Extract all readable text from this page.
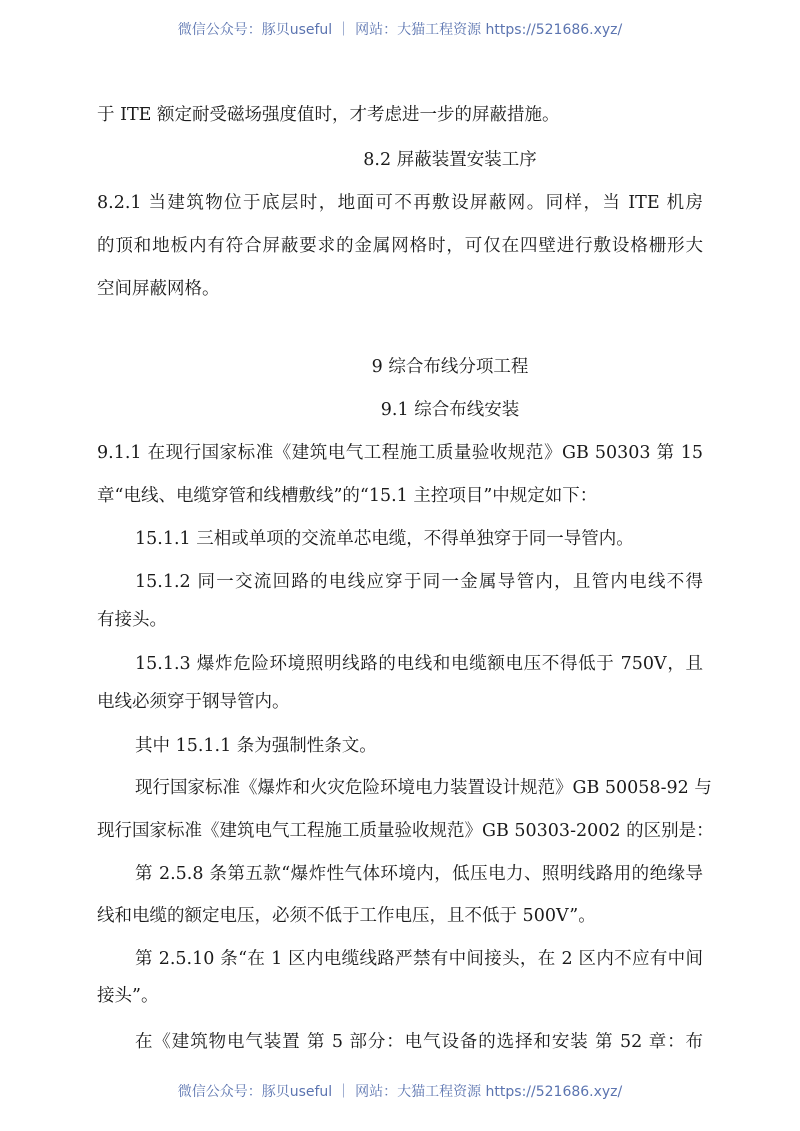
微信公众号：豚贝useful ｜ 网站：大猫工程资源 https://521686.xyz/
于 ITE 额定耐受磁场强度值时，才考虑进一步的屏蔽措施。
8.2 屏蔽装置安装工序
8.2.1 当建筑物位于底层时，地面可不再敷设屏蔽网。同样，当 ITE 机房
的顶和地板内有符合屏蔽要求的金属网格时，可仅在四壁进行敷设格栅形大
空间屏蔽网格。
9 综合布线分项工程
9.1 综合布线安装
9.1.1 在现行国家标准《建筑电气工程施工质量验收规范》GB 50303 第 15
章“电线、电缆穿管和线槽敷线”的“15.1 主控项目”中规定如下：
15.1.1 三相或单项的交流单芯电缆，不得单独穿于同一导管内。
15.1.2 同一交流回路的电线应穿于同一金属导管内，且管内电线不得
有接头。
15.1.3 爆炸危险环境照明线路的电线和电缆额电压不得低于 750V，且
电线必须穿于钢导管内。
其中 15.1.1 条为强制性条文。
现行国家标准《爆炸和火灾危险环境电力装置设计规范》GB 50058-92 与
现行国家标准《建筑电气工程施工质量验收规范》GB 50303-2002 的区别是：
第 2.5.8 条第五款“爆炸性气体环境内，低压电力、照明线路用的绝缘导
线和电缆的额定电压，必须不低于工作电压，且不低于 500V”。
第 2.5.10 条“在 1 区内电缆线路严禁有中间接头，在 2 区内不应有中间
接头”。
在《建筑物电气装置 第 5 部分：电气设备的选择和安装 第 52 章：布
微信公众号：豚贝useful ｜ 网站：大猫工程资源 https://521686.xyz/
